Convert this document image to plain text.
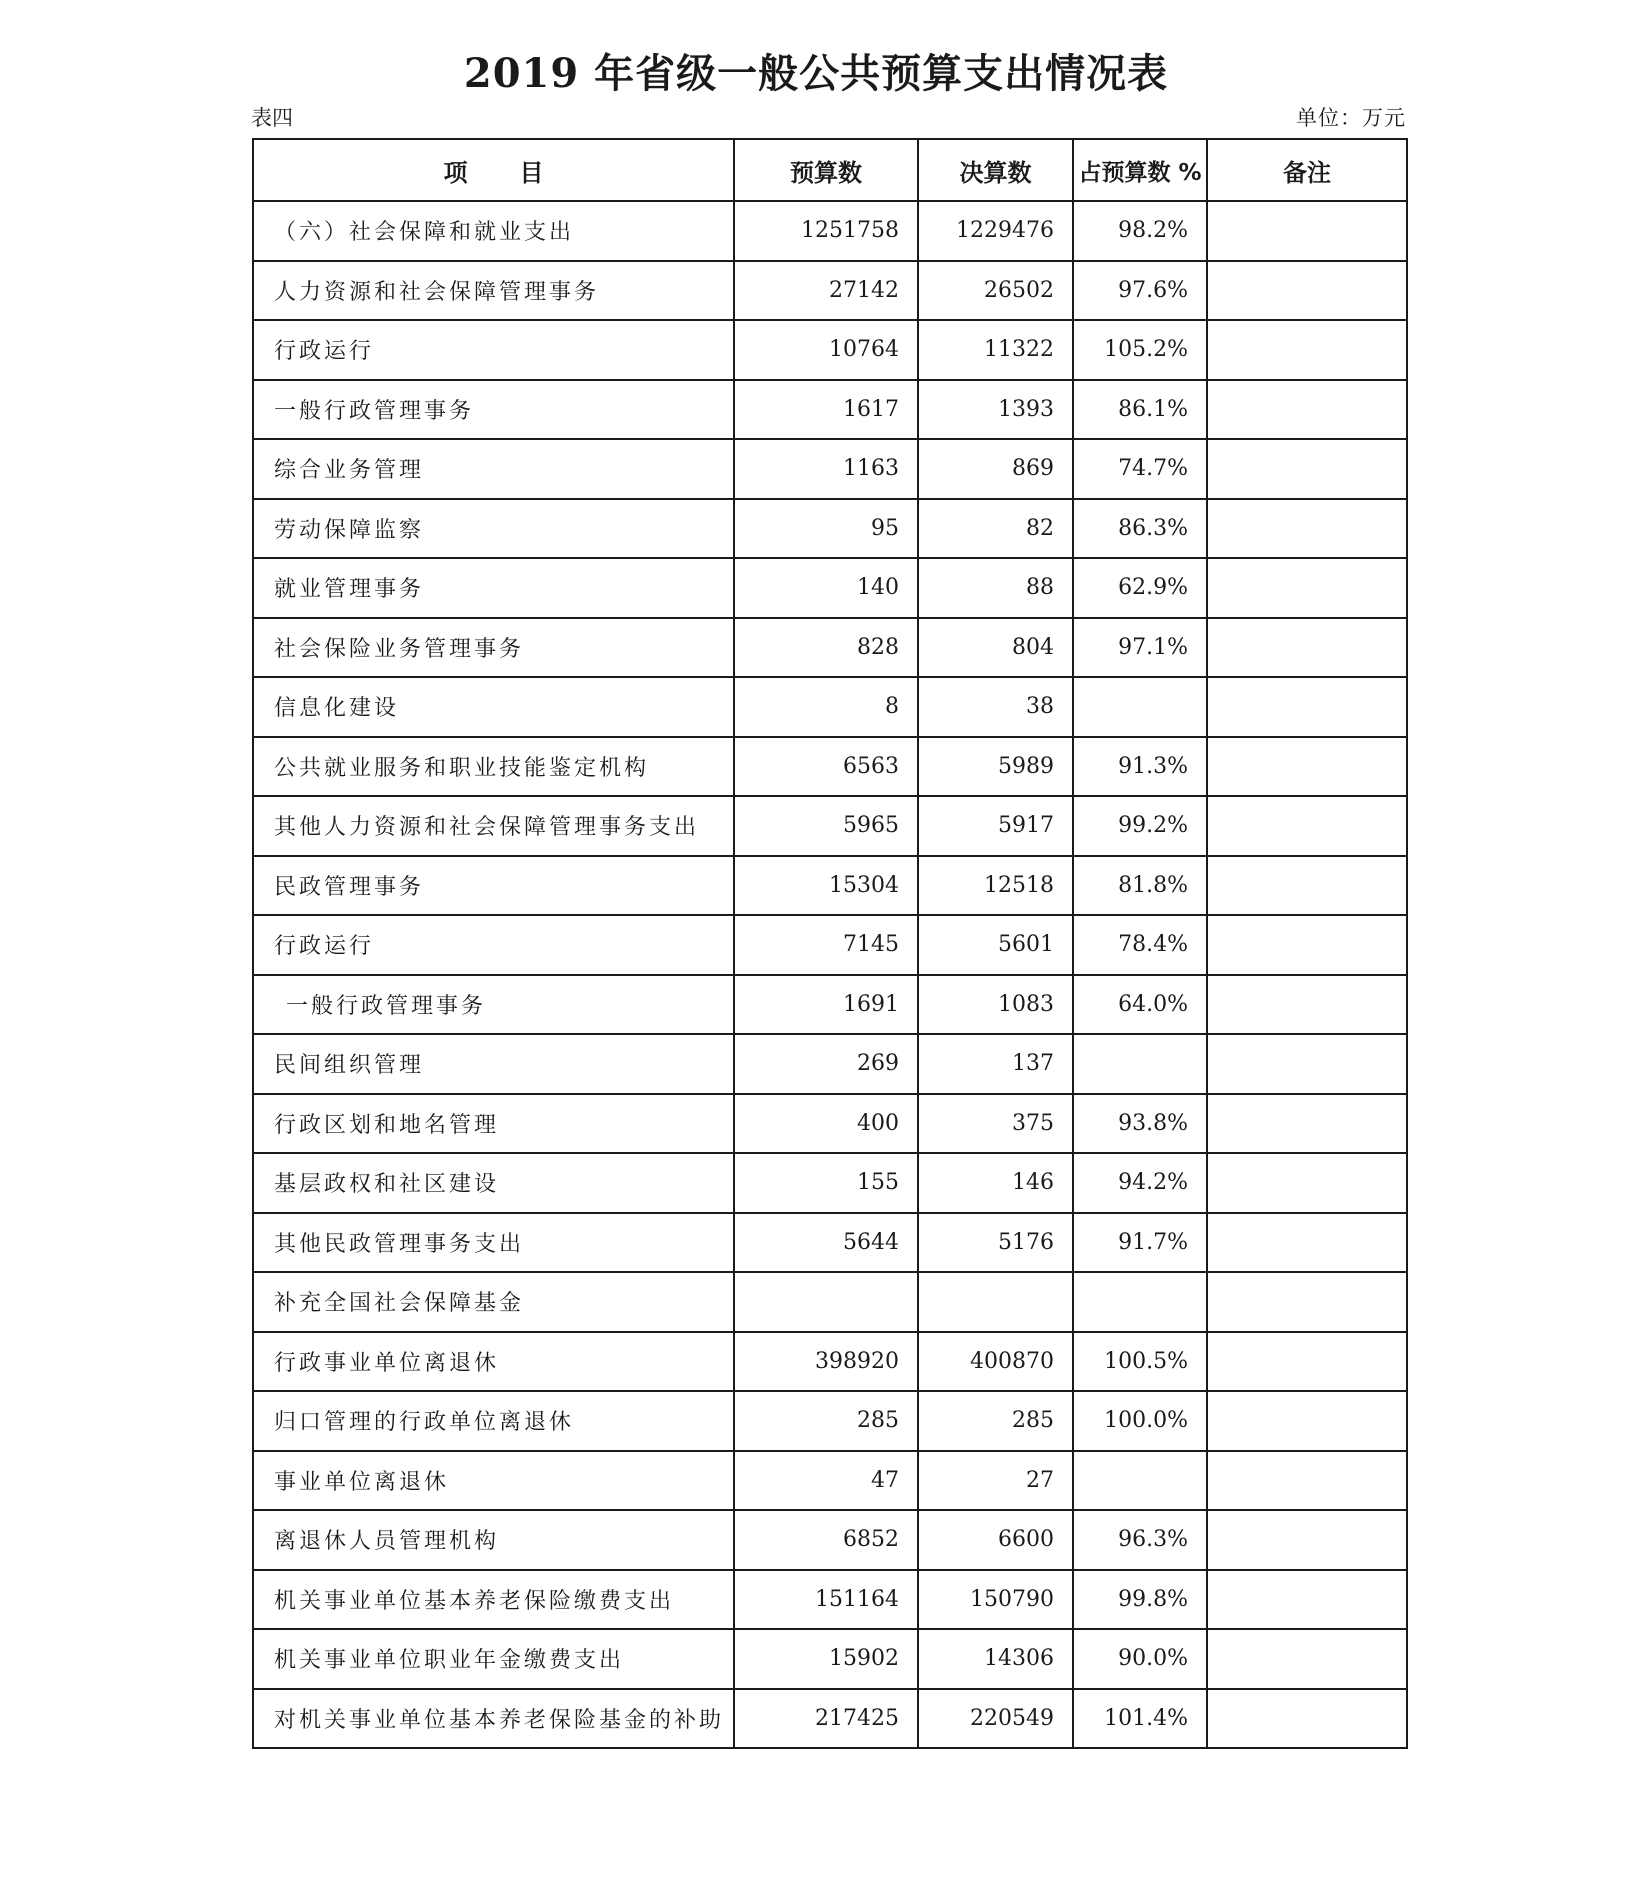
2019 年省级一般公共预算支出情况表
表四	单位：万元
项目	预算数	决算数	占预算数 %	备注
（六）社会保障和就业支出	1251758	1229476	98.2%	
人力资源和社会保障管理事务	27142	26502	97.6%	
行政运行	10764	11322	105.2%	
一般行政管理事务	1617	1393	86.1%	
综合业务管理	1163	869	74.7%	
劳动保障监察	95	82	86.3%	
就业管理事务	140	88	62.9%	
社会保险业务管理事务	828	804	97.1%	
信息化建设	8	38		
公共就业服务和职业技能鉴定机构	6563	5989	91.3%	
其他人力资源和社会保障管理事务支出	5965	5917	99.2%	
民政管理事务	15304	12518	81.8%	
行政运行	7145	5601	78.4%	
一般行政管理事务	1691	1083	64.0%	
民间组织管理	269	137		
行政区划和地名管理	400	375	93.8%	
基层政权和社区建设	155	146	94.2%	
其他民政管理事务支出	5644	5176	91.7%	
补充全国社会保障基金				
行政事业单位离退休	398920	400870	100.5%	
归口管理的行政单位离退休	285	285	100.0%	
事业单位离退休	47	27		
离退休人员管理机构	6852	6600	96.3%	
机关事业单位基本养老保险缴费支出	151164	150790	99.8%	
机关事业单位职业年金缴费支出	15902	14306	90.0%	
对机关事业单位基本养老保险基金的补助	217425	220549	101.4%	
